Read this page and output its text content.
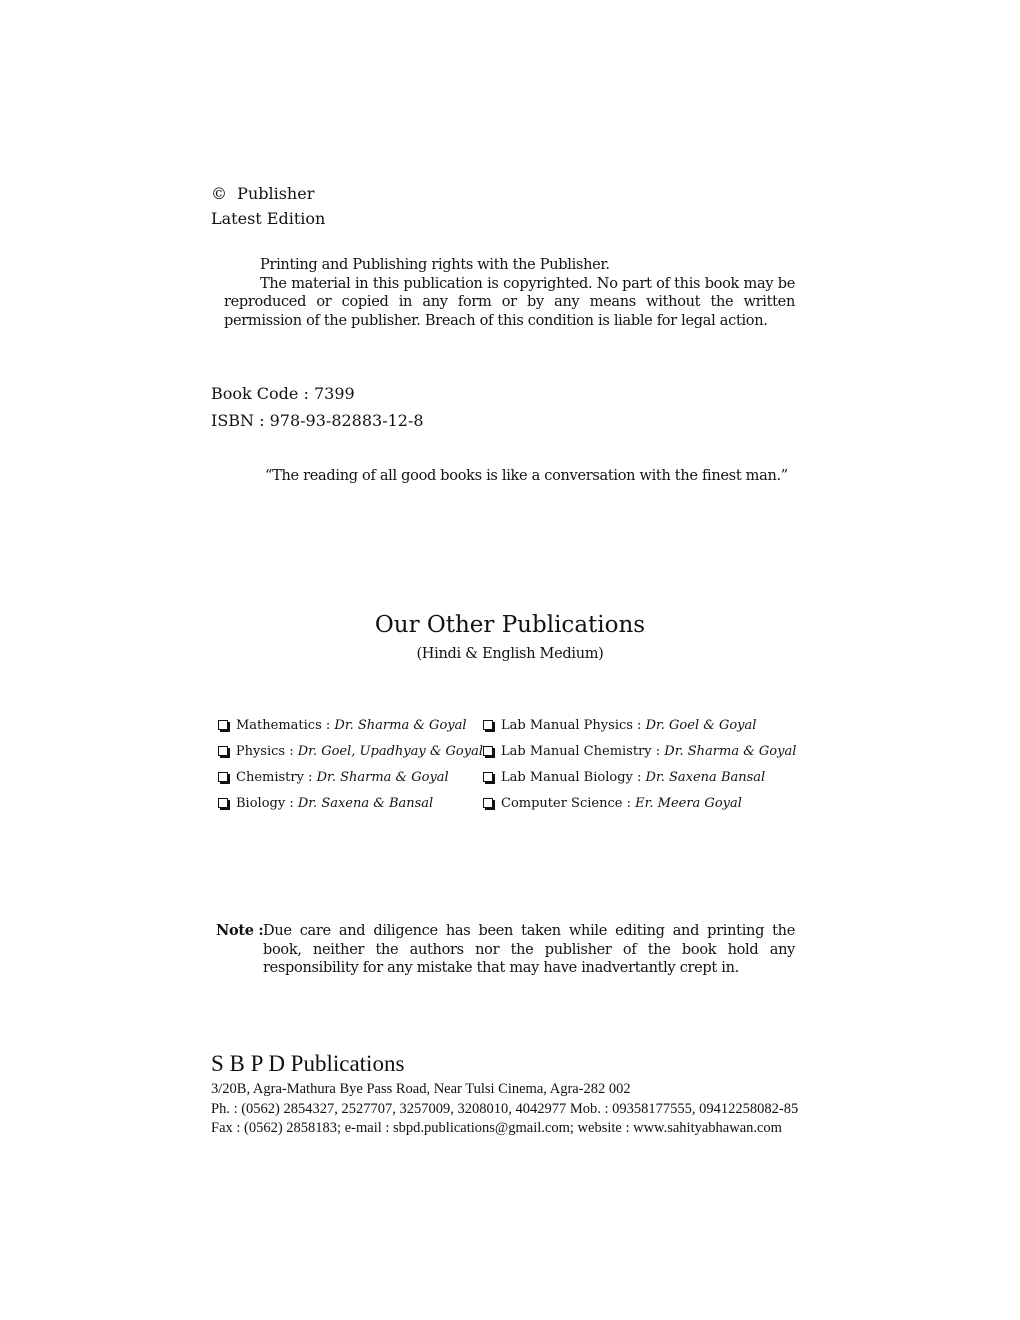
© Publisher
Latest Edition

Printing and Publishing rights with the Publisher.

The material in this publication is copyrighted. No part of this book may be reproduced or copied in any form or by any means without the written permission of the publisher. Breach of this condition is liable for legal action.

Book Code : 7399
ISBN : 978-93-82883-12-8
“The reading of all good books is like a conversation with the finest man.”
Our Other Publications
(Hindi & English Medium)
Mathematics : Dr. Sharma & Goyal	Lab Manual Physics : Dr. Goel & Goyal
Physics : Dr. Goel, Upadhyay & Goyal Lab Manual Chemistry : Dr. Sharma & Goyal
Chemistry : Dr. Sharma & Goyal	Lab Manual Biology : Dr. Saxena Bansal
Biology : Dr. Saxena & Bansal	Computer Science : Er. Meera Goyal
Note : Due care and diligence has been taken while editing and printing the book, neither the authors nor the publisher of the book hold any responsibility for any mistake that may have inadvertantly crept in.
S B P D Publications
3/20B, Agra-Mathura Bye Pass Road, Near Tulsi Cinema, Agra-282 002
Ph. : (0562) 2854327, 2527707, 3257009, 3208010, 4042977 Mob. : 09358177555, 09412258082-85
Fax : (0562) 2858183; e-mail : sbpd.publications@gmail.com; website : www.sahityabhawan.com
